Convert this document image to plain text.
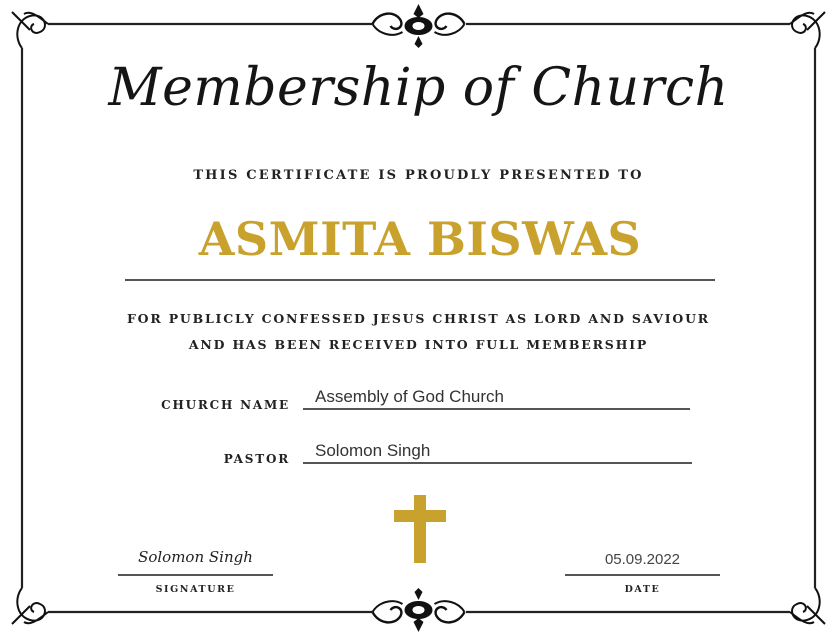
Membership of Church
THIS CERTIFICATE IS PROUDLY PRESENTED TO
ASMITA BISWAS
FOR PUBLICLY CONFESSED JESUS CHRIST AS LORD AND SAVIOUR
AND HAS BEEN RECEIVED INTO FULL MEMBERSHIP
CHURCH NAME Assembly of God Church
PASTOR Solomon Singh
Solomon Singh
SIGNATURE
05.09.2022
DATE
